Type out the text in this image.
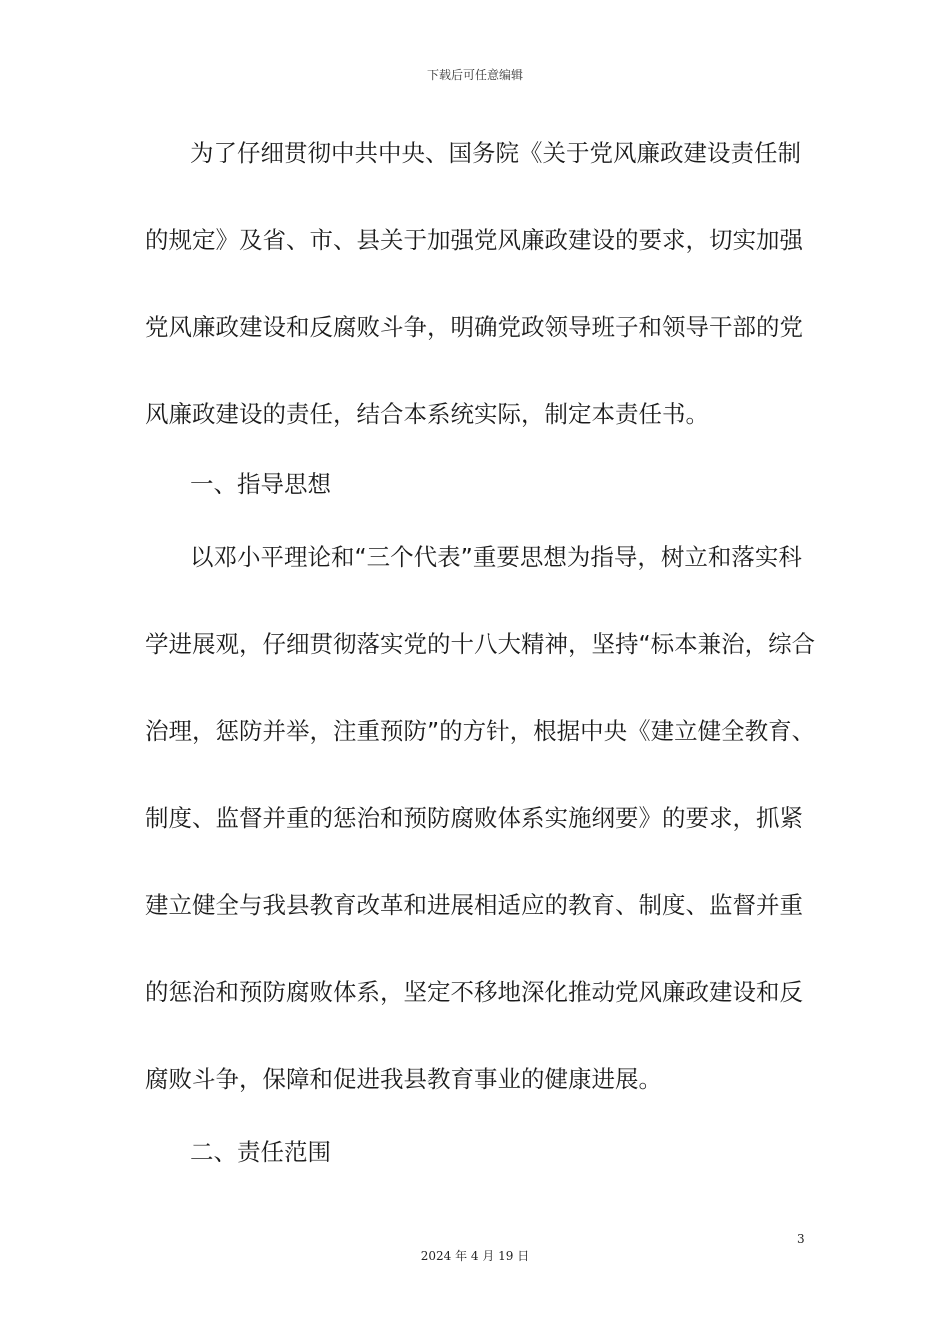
下载后可任意编辑
为了仔细贯彻中共中央、国务院《关于党风廉政建设责任制
的规定》及省、市、县关于加强党风廉政建设的要求，切实加强
党风廉政建设和反腐败斗争，明确党政领导班子和领导干部的党
风廉政建设的责任，结合本系统实际，制定本责任书。
一、指导思想
以邓小平理论和“三个代表”重要思想为指导，树立和落实科
学进展观，仔细贯彻落实党的十八大精神，坚持“标本兼治，综合
治理，惩防并举，注重预防”的方针，根据中央《建立健全教育、
制度、监督并重的惩治和预防腐败体系实施纲要》的要求，抓紧
建立健全与我县教育改革和进展相适应的教育、制度、监督并重
的惩治和预防腐败体系，坚定不移地深化推动党风廉政建设和反
腐败斗争，保障和促进我县教育事业的健康进展。
二、责任范围
3
2024 年 4 月 19 日
